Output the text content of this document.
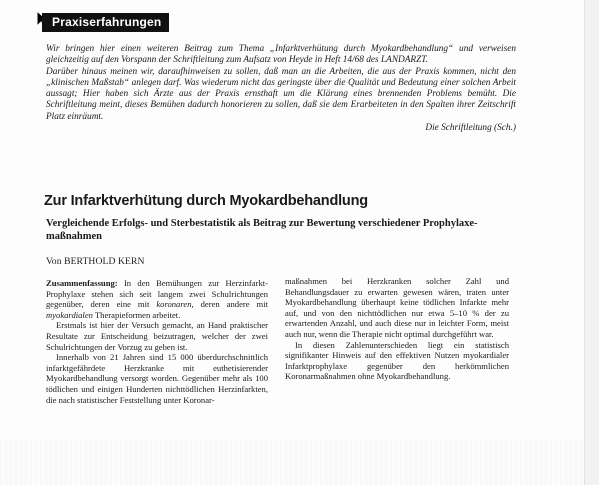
Praxiserfahrungen

Wir bringen hier einen weiteren Beitrag zum Thema „Infarktverhütung durch Myokardbehandlung“ und verweisen gleichzeitig auf den Vorspann der Schriftleitung zum Aufsatz von Heyde in Heft 14/68 des LANDARZT.

Darüber hinaus meinen wir, daraufhinweisen zu sollen, daß man an die Arbeiten, die aus der Praxis kommen, nicht den „klinischen Maßstab“ anlegen darf. Was wiederum nicht das geringste über die Qualität und Bedeutung einer solchen Arbeit aussagt; Hier haben sich Ärzte aus der Praxis ernsthaft um die Klärung eines brennenden Problems bemüht. Die Schriftleitung meint, dieses Bemühen dadurch honorieren zu sollen, daß sie dem Erarbeiteten in den Spalten ihrer Zeitschrift Platz einräumt.

Die Schriftleitung (Sch.)

Zur Infarktverhütung durch Myokardbehandlung
Vergleichende Erfolgs- und Sterbestatistik als Beitrag zur Bewertung verschiedener Prophylaxe-maßnahmen

Von BERTHOLD KERN

Zusammenfassung: In den Bemühungen zur Herzinfarkt-Prophylaxe stehen sich seit langem zwei Schulrichtungen gegenüber, deren eine mit koronaren, deren andere mit myokardialen Therapieformen arbeitet.

Erstmals ist hier der Versuch gemacht, an Hand praktischer Resultate zur Entscheidung beizutragen, welcher der zwei Schulrichtungen der Vorzug zu geben ist.

Innerhalb von 21 Jahren sind 15 000 überdurchschnittlich infarktgefährdete Herzkranke mit euthetisierender Myokardbehandlung versorgt worden. Gegenüber mehr als 100 tödlichen und einigen Hunderten nichttödlichen Herzinfarkten, die nach statistischer Feststellung unter Koronar-

maßnahmen bei Herzkranken solcher Zahl und Behandlungsdauer zu erwarten gewesen wären, traten unter Myokardbehandlung überhaupt keine tödlichen Infarkte mehr auf, und von den nichttödlichen nur etwa 5–10 % der zu erwartenden Anzahl, und auch diese nur in leichter Form, meist auch nur, wenn die Therapie nicht optimal durchgeführt war.

In diesen Zahlenunterschieden liegt ein statistisch signifikanter Hinweis auf den effektiven Nutzen myokardialer Infarktprophylaxe gegenüber den herkömmlichen Koronarmaßnahmen ohne Myokardbehandlung.
